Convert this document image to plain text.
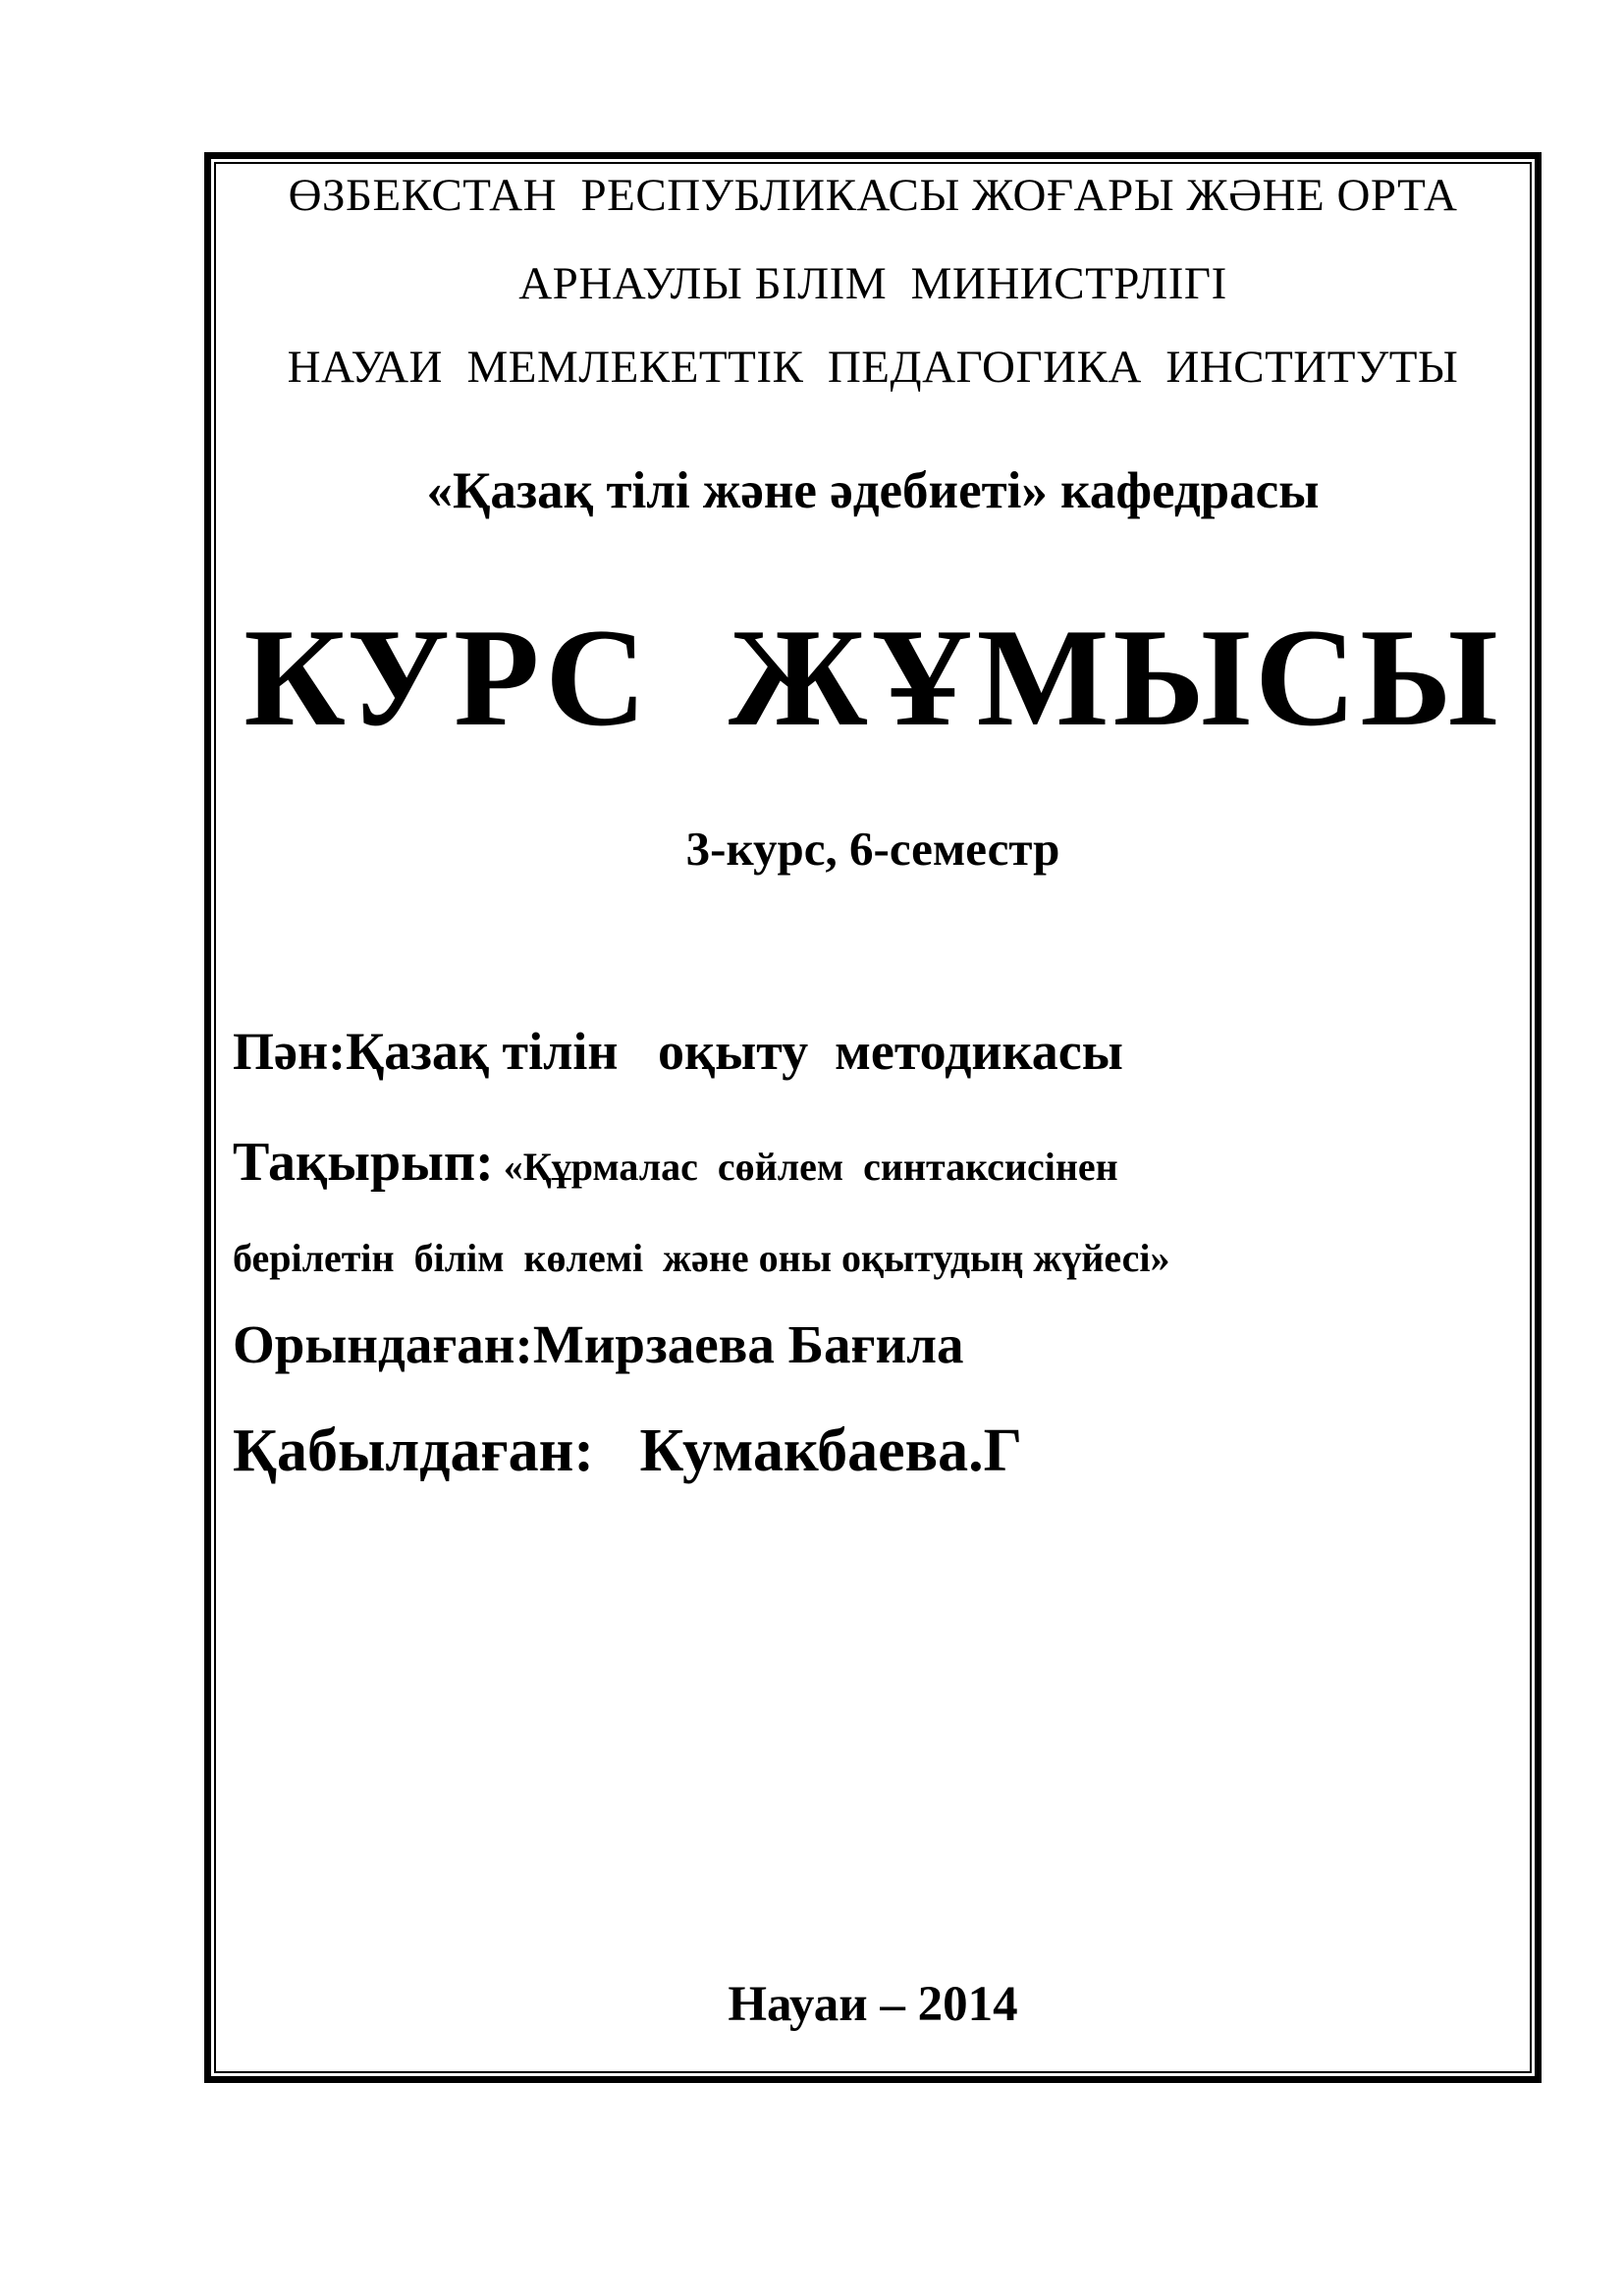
ӨЗБЕКСТАН  РЕСПУБЛИКАСЫ ЖОҒАРЫ ЖӘНЕ ОРТА
АРНАУЛЫ БІЛІМ  МИНИСТРЛІГІ
НАУАИ  МЕМЛЕКЕТТІК  ПЕДАГОГИКА  ИНСТИТУТЫ
«Қазақ тілі және әдебиеті» кафедрасы
КУРС  ЖҰМЫСЫ
3-курс, 6-семестр
Пән:Қазақ тілін   оқыту  методикасы
Тақырып: «Құрмалас  сөйлем  синтаксисінен
берілетін  білім  көлемі  және оны оқытудың жүйесі»
Орындаған:Мирзаева Бағила
Қабылдаған:   Кумакбаева.Г
Науаи – 2014
